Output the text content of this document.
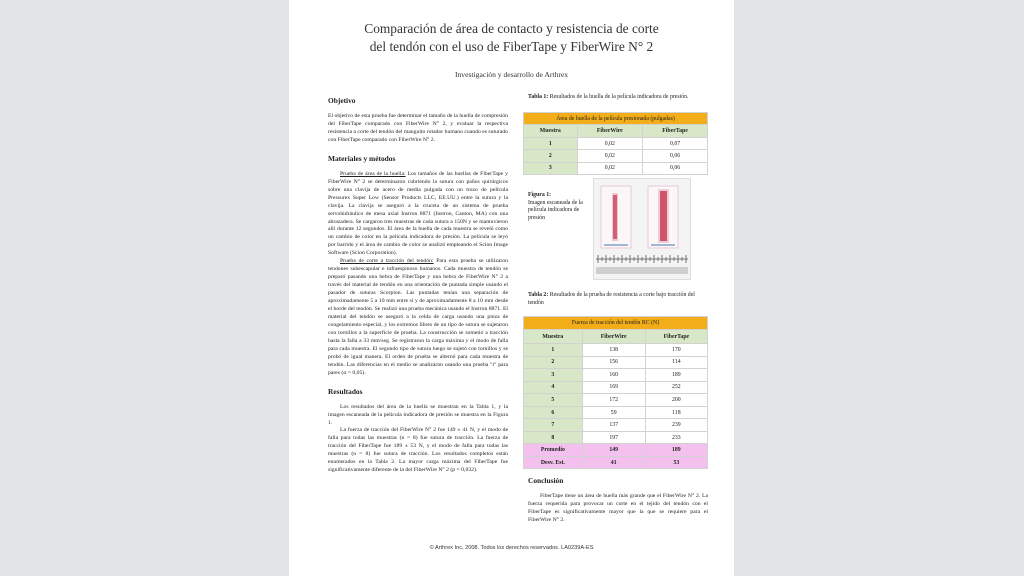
Comparación de área de contacto y resistencia de corte
del tendón con el uso de FiberTape y FiberWire N° 2
Investigación y desarrollo de Arthrex
Objetivo

El objetivo de esta prueba fue determinar el tamaño de la huella de compresión del FiberTape comparado con FiberWire N° 2, y evaluar la respectiva resistencia a corte del tendón del manguito rotador humano cuando es suturado con FiberTape comparado con FiberWire N° 2.

Materiales y métodos

Prueba de área de la huella: Los tamaños de las huellas de FiberTape y FiberWire N° 2 se determinaron cubriendo la sutura con paños quirúrgicos sobre una clavija de acero de media pulgada con un trozo de película Pressurex Super Low (Sensor Products LLC, EE.UU.) entre la sutura y la clavija. La clavija se aseguró a la cruceta de un sistema de prueba servohidráulico de mesa axial Instron 8871 (Instron, Canton, MA) con una abrazadera. Se cargaron tres muestras de cada sutura a 150N y se mantuvieron allí durante 12 segundos. El área de la huella de cada muestra se reveló como un cambio de color en la película indicadora de presión. La película se leyó por barrido y el área de cambio de color se analizó empleando el Scion Image Software (Scion Corporation).

Prueba de corte a tracción del tendón: Para esta prueba se utilizaron tendones subescapular e infraespinoso humanos. Cada muestra de tendón se preparó pasando una hebra de FiberTape y una hebra de FiberWire N° 2 a través del material de tendón en una orientación de puntada simple usando el pasador de suturas Scorpion. Las puntadas tenían una separación de aproximadamente 5 a 10 mm entre sí y de aproximadamente 8 a 10 mm desde el borde del tendón. Se realizó una prueba mecánica usando el Instron 8871. El material del tendón se aseguró a la celda de carga usando una pinza de congelamiento especial, y los extremos libres de un tipo de sutura se sujetaron con tornillos a la superficie de prueba. La construcción se sometió a tracción hasta la falla a 33 mm/seg. Se registraron la carga máxima y el modo de falla para cada muestra. El segundo tipo de sutura luego se sujetó con tornillos y se probó de igual manera. El orden de prueba se alternó para cada muestra de tendón. Las diferencias en el medio se analizaron usando una prueba "t" para pares (α = 0,05).

Resultados

Los resultados del área de la huella se muestran en la Tabla 1, y la imagen escaneada de la película indicadora de presión se muestra en la Figura 1.

La fuerza de tracción del FiberWire N° 2 fue 149 ± 41 N, y el modo de falla para todas las muestras (n = 8) fue sutura de tracción. La fuerza de tracción del FiberTape fue 189 ± 53 N, y el modo de falla para todas las muestras (n = 8) fue sutura de tracción. Los resultados completos están enumerados en la Tabla 2. La mayor carga máxima del FiberTape fue significativamente diferente de la del FiberWire N° 2 (p = 0,032).

Tabla 1: Resultados de la huella de la película indicadora de presión.

Área de huella de la película presionada (pulgadas)		
Muestra	FiberWire	FiberTape
1	0,02	0,07
2	0,02	0,06
3	0,02	0,06

Figura 1:
Imagen escaneada de la película indicadora de presión

Tabla 2: Resultados de la prueba de resistencia a corte bajo tracción del tendón

Fuerza de tracción del tendón RC (N)		
Muestra	FiberWire	FiberTape
1	138	170
2	156	114
3	160	189
4	169	252
5	172	200
6	59	118
7	137	239
8	197	233
Promedio	149	189
Desv. Est.	41	53
Conclusión

FiberTape tiene un área de huella más grande que el FiberWire N° 2. La fuerza requerida para provocar un corte en el tejido del tendón con el FiberTape es significativamente mayor que la que se requiere para el FiberWire N° 2.

© Arthrex Inc, 2008. Todos los derechos reservados. LA0239A-ES
